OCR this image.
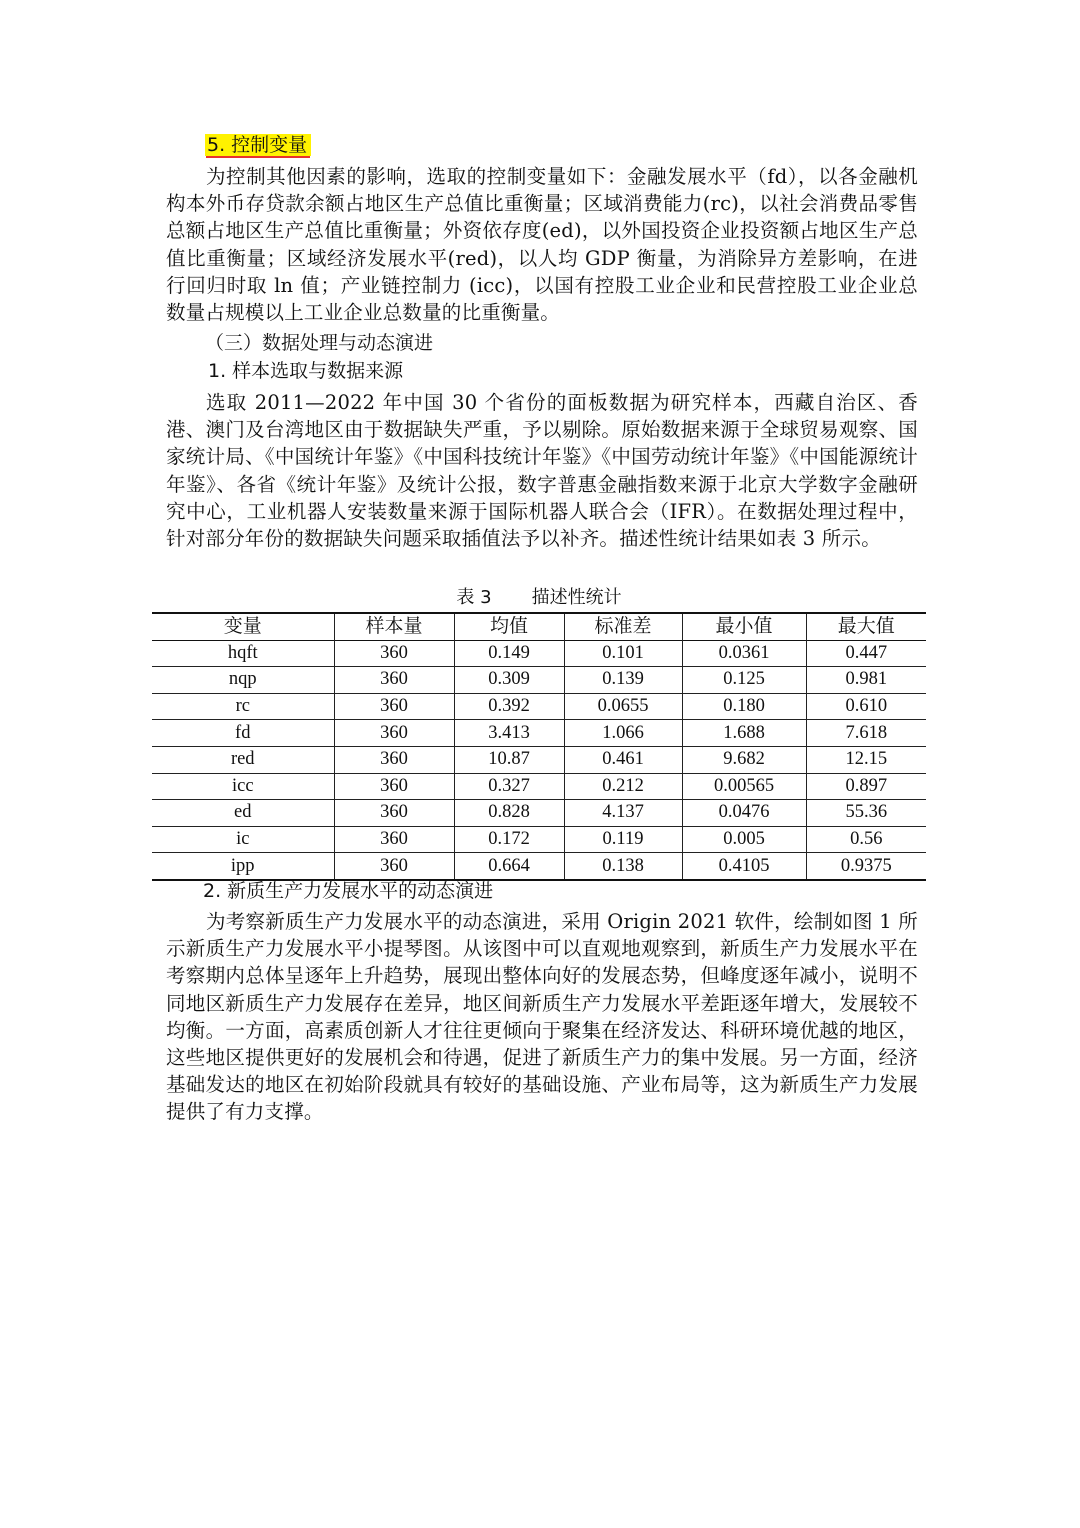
5. 控制变量

为控制其他因素的影响，选取的控制变量如下：金融发展水平（fd），以各金融机构本外币存贷款余额占地区生产总值比重衡量；区域消费能力(rc)，以社会消费品零售总额占地区生产总值比重衡量；外资依存度(ed)，以外国投资企业投资额占地区生产总值比重衡量；区域经济发展水平(red)，以人均 GDP 衡量，为消除异方差影响，在进行回归时取 ln 值；产业链控制力 (icc)，以国有控股工业企业和民营控股工业企业总数量占规模以上工业企业总数量的比重衡量。

（三）数据处理与动态演进
1. 样本选取与数据来源

选取 2011—2022 年中国 30 个省份的面板数据为研究样本，西藏自治区、香港、澳门及台湾地区由于数据缺失严重，予以剔除。原始数据来源于全球贸易观察、国家统计局、《中国统计年鉴》《中国科技统计年鉴》《中国劳动统计年鉴》《中国能源统计年鉴》、各省《统计年鉴》及统计公报，数字普惠金融指数来源于北京大学数字金融研究中心，工业机器人安装数量来源于国际机器人联合会（IFR）。在数据处理过程中，针对部分年份的数据缺失问题采取插值法予以补齐。描述性统计结果如表 3 所示。

表 3 描述性统计
变量	样本量	均值	标准差	最小值	最大值
hqft	360	0.149	0.101	0.0361	0.447
nqp	360	0.309	0.139	0.125	0.981
rc	360	0.392	0.0655	0.180	0.610
fd	360	3.413	1.066	1.688	7.618
red	360	10.87	0.461	9.682	12.15
icc	360	0.327	0.212	0.00565	0.897
ed	360	0.828	4.137	0.0476	55.36
ic	360	0.172	0.119	0.005	0.56
ipp	360	0.664	0.138	0.4105	0.9375
2. 新质生产力发展水平的动态演进

为考察新质生产力发展水平的动态演进，采用 Origin 2021 软件，绘制如图 1 所示新质生产力发展水平小提琴图。从该图中可以直观地观察到，新质生产力发展水平在考察期内总体呈逐年上升趋势，展现出整体向好的发展态势，但峰度逐年减小，说明不同地区新质生产力发展存在差异，地区间新质生产力发展水平差距逐年增大，发展较不均衡。一方面，高素质创新人才往往更倾向于聚集在经济发达、科研环境优越的地区，这些地区提供更好的发展机会和待遇，促进了新质生产力的集中发展。另一方面，经济基础发达的地区在初始阶段就具有较好的基础设施、产业布局等，这为新质生产力发展提供了有力支撑。
